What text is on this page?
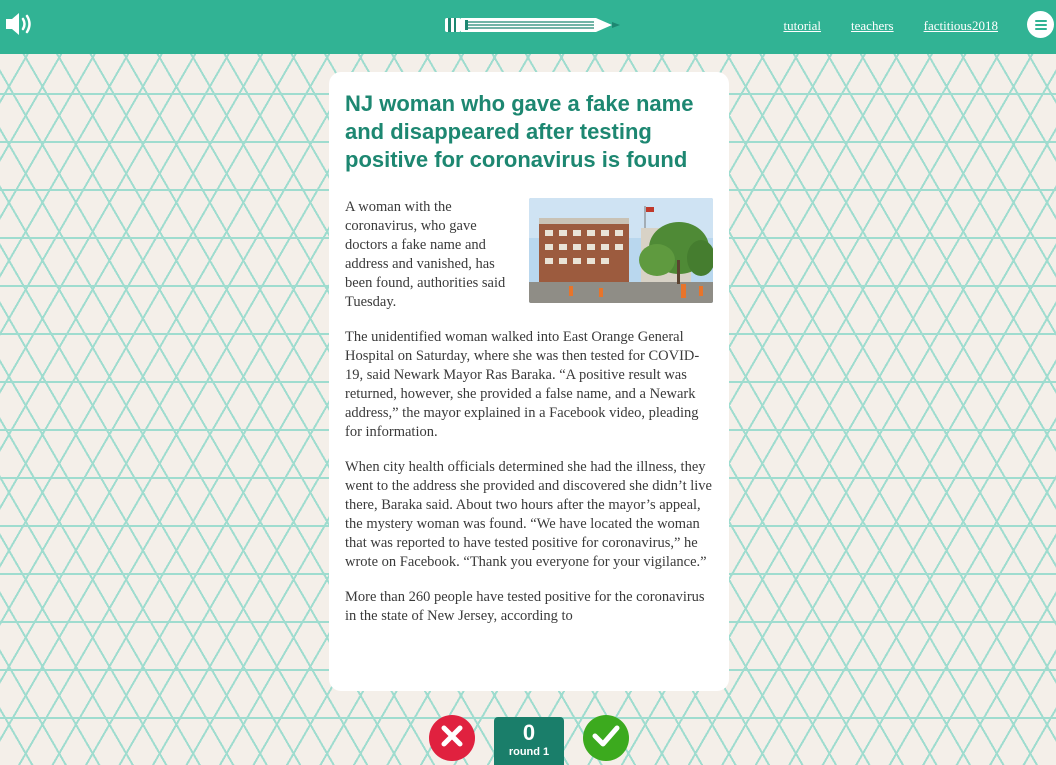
tutorial teachers factitious2018
NJ woman who gave a fake name and disappeared after testing positive for coronavirus is found

A woman with the coronavirus, who gave doctors a fake name and address and vanished, has been found, authorities said Tuesday.

The unidentified woman walked into East Orange General Hospital on Saturday, where she was then tested for COVID-19, said Newark Mayor Ras Baraka. “A positive result was returned, however, she provided a false name, and a Newark address,” the mayor explained in a Facebook video, pleading for information.

When city health officials determined she had the illness, they went to the address she provided and discovered she didn’t live there, Baraka said. About two hours after the mayor’s appeal, the mystery woman was found. “We have located the woman that was reported to have tested positive for coronavirus,” he wrote on Facebook. “Thank you everyone for your vigilance.”

More than 260 people have tested positive for the coronavirus in the state of New Jersey, according to

0
round 1
